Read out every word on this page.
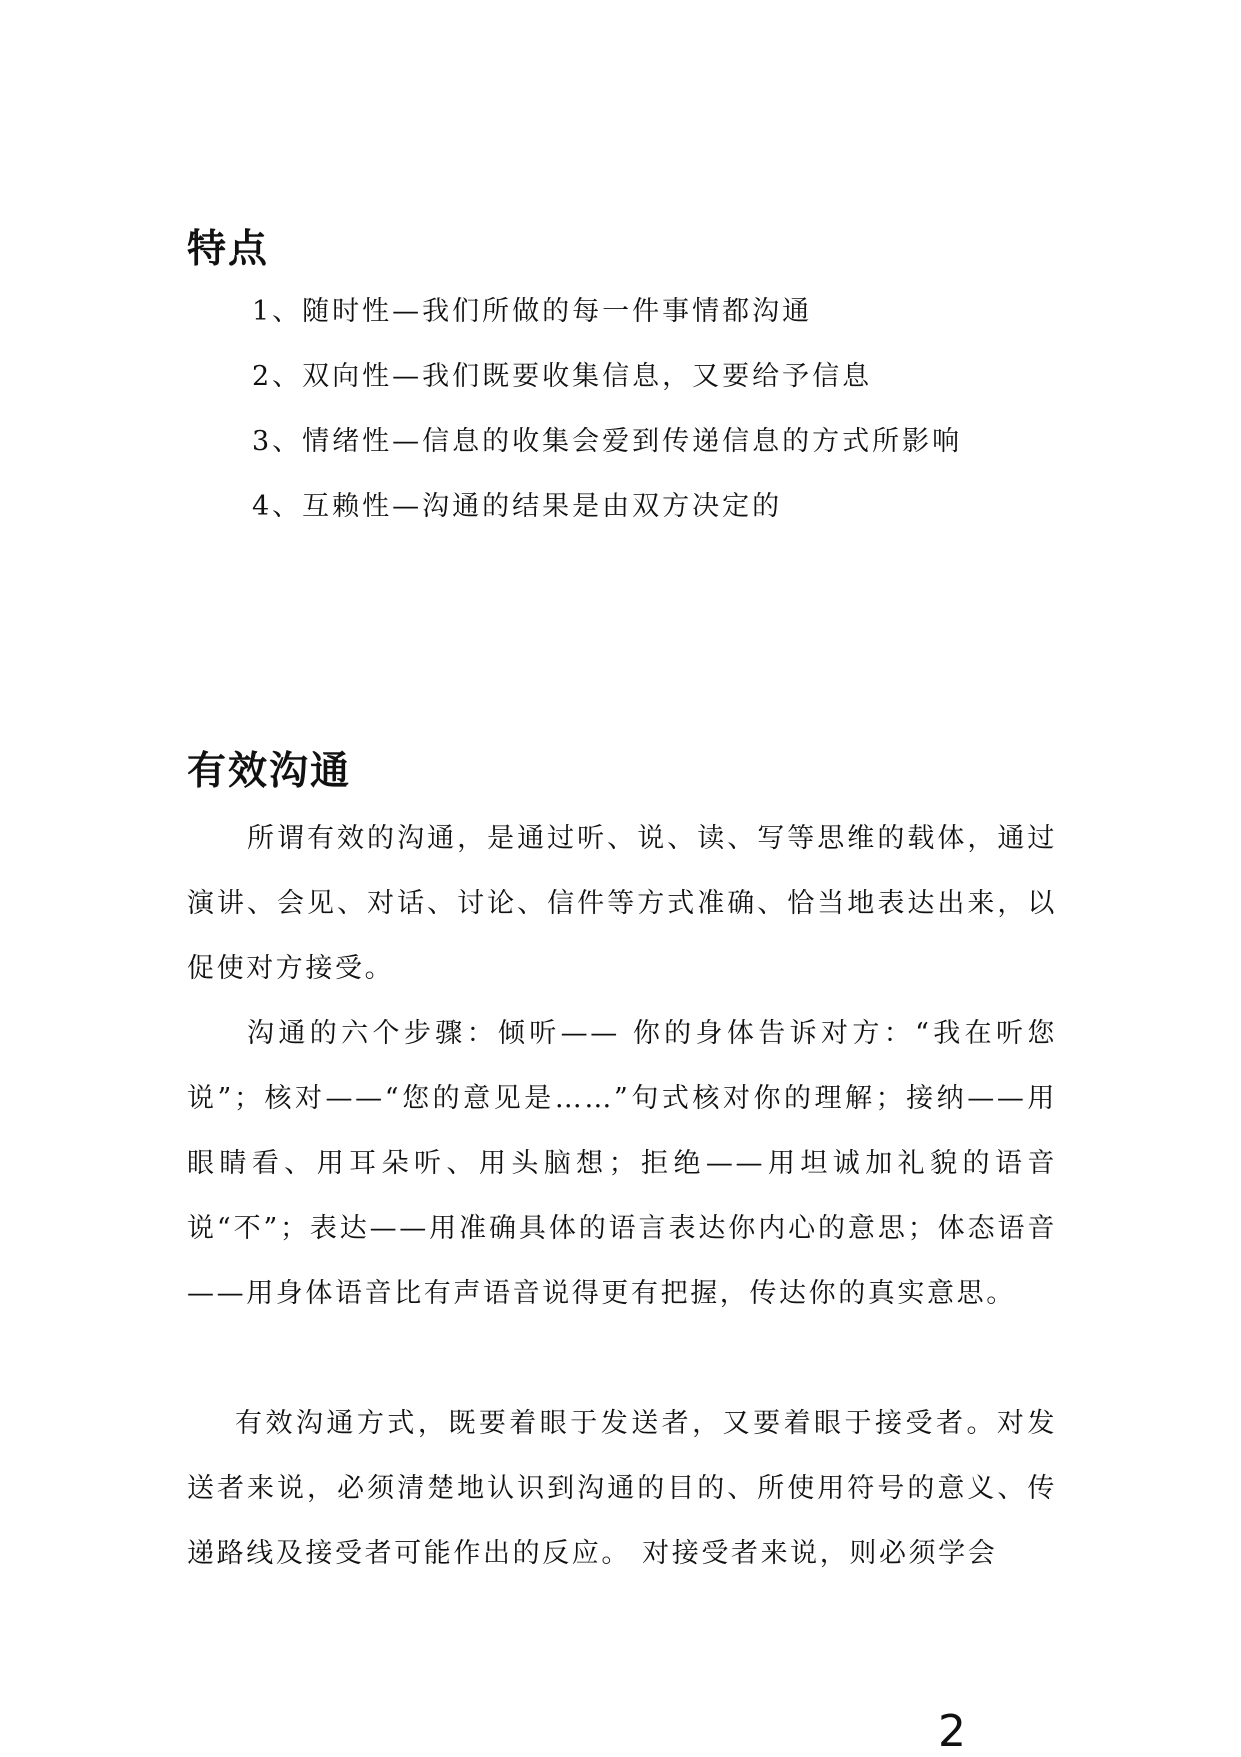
特点
1、随时性—我们所做的每一件事情都沟通
2、双向性—我们既要收集信息，又要给予信息
3、情绪性—信息的收集会爱到传递信息的方式所影响
4、互赖性—沟通的结果是由双方决定的
有效沟通

所谓有效的沟通，是通过听、说、读、写等思维的载体，通过演讲、会见、对话、讨论、信件等方式准确、恰当地表达出来，以促使对方接受。

沟通的六个步骤：倾听—— 你的身体告诉对方：“我在听您说”；核对——“您的意见是……”句式核对你的理解；接纳——用眼睛看、用耳朵听、用头脑想；拒绝——用坦诚加礼貌的语音说“不”；表达——用准确具体的语言表达你内心的意思；体态语音——用身体语音比有声语音说得更有把握，传达你的真实意思。

有效沟通方式，既要着眼于发送者，又要着眼于接受者。对发送者来说，必须清楚地认识到沟通的目的、所使用符号的意义、传递路线及接受者可能作出的反应。 对接受者来说，则必须学会

2
